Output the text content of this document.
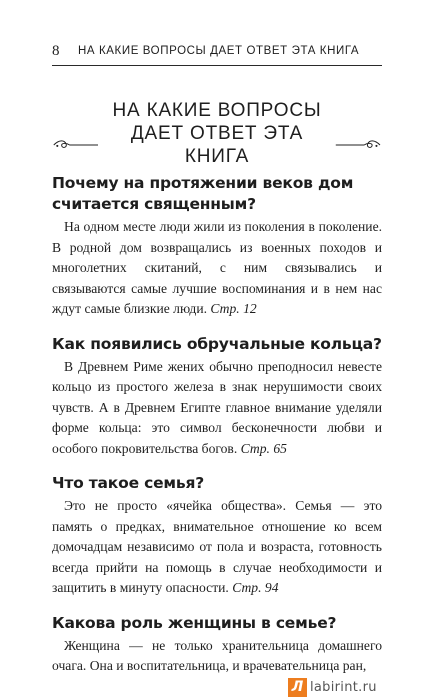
8	НА КАКИЕ ВОПРОСЫ ДАЕТ ОТВЕТ ЭТА КНИГА
НА КАКИЕ ВОПРОСЫ
ДАЕТ ОТВЕТ ЭТА КНИГА

Почему на протяжении веков дом считается священным?

На одном месте люди жили из поколения в поколение. В родной дом возвращались из военных походов и многолетних скитаний, с ним связывались и связываются самые лучшие воспоминания и в нем нас ждут самые близкие люди. Стр. 12

Как появились обручальные кольца?

В Древнем Риме жених обычно преподносил невесте кольцо из простого железа в знак нерушимости своих чувств. А в Древнем Египте главное внимание уделяли форме кольца: это символ бесконечности любви и особого покровительства богов. Стр. 65

Что такое семья?

Это не просто «ячейка общества». Семья — это память о предках, внимательное отношение ко всем домочадцам независимо от пола и возраста, готовность всегда прийти на помощь в случае необходимости и защитить в минуту опасности. Стр. 94

Какова роль женщины в семье?

Женщина — не только хранительница домашнего очага. Она и воспитательница, и врачевательница ран,

Л labirint.ru
